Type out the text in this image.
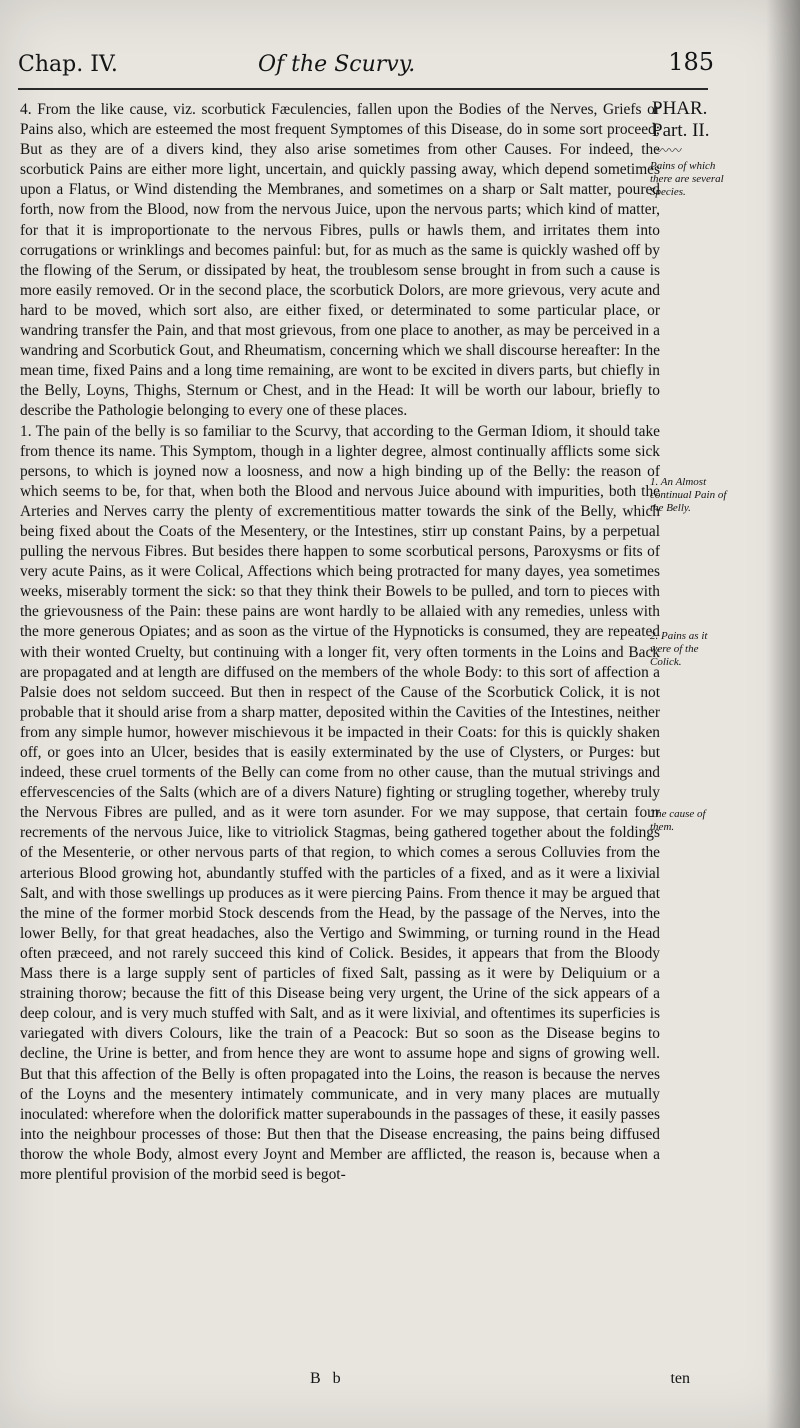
Chap. IV.	Of the Scurvy.	185
PHAR.
Part. II.
〰〰
Pains of which there are several Species.
1. An Almost continual Pain of the Belly.
2. Pains as it were of the Colick.
The cause of them.

4. From the like cause, viz. scorbutick Fæculencies, fallen upon the Bodies of the Nerves, Griefs or Pains also, which are esteemed the most frequent Symptomes of this Disease, do in some sort proceed; But as they are of a divers kind, they also arise sometimes from other Causes. For indeed, the scorbutick Pains are either more light, uncertain, and quickly passing away, which depend sometimes upon a Flatus, or Wind distending the Membranes, and sometimes on a sharp or Salt matter, poured forth, now from the Blood, now from the nervous Juice, upon the nervous parts; which kind of matter, for that it is improportionate to the nervous Fibres, pulls or hawls them, and irritates them into corrugations or wrinklings and becomes painful: but, for as much as the same is quickly washed off by the flowing of the Serum, or dissipated by heat, the troublesom sense brought in from such a cause is more easily removed. Or in the second place, the scorbutick Dolors, are more grievous, very acute and hard to be moved, which sort also, are either fixed, or determinated to some particular place, or wandring transfer the Pain, and that most grievous, from one place to another, as may be perceived in a wandring and Scorbutick Gout, and Rheumatism, concerning which we shall discourse hereafter: In the mean time, fixed Pains and a long time remaining, are wont to be excited in divers parts, but chiefly in the Belly, Loyns, Thighs, Sternum or Chest, and in the Head: It will be worth our labour, briefly to describe the Pathologie belonging to every one of these places.

1. The pain of the belly is so familiar to the Scurvy, that according to the German Idiom, it should take from thence its name. This Symptom, though in a lighter degree, almost continually afflicts some sick persons, to which is joyned now a loosness, and now a high binding up of the Belly: the reason of which seems to be, for that, when both the Blood and nervous Juice abound with impurities, both the Arteries and Nerves carry the plenty of excrementitious matter towards the sink of the Belly, which being fixed about the Coats of the Mesentery, or the Intestines, stirr up constant Pains, by a perpetual pulling the nervous Fibres. But besides there happen to some scorbutical persons, Paroxysms or fits of very acute Pains, as it were Colical, Affections which being protracted for many dayes, yea sometimes weeks, miserably torment the sick: so that they think their Bowels to be pulled, and torn to pieces with the grievousness of the Pain: these pains are wont hardly to be allaied with any remedies, unless with the more generous Opiates; and as soon as the virtue of the Hypnoticks is consumed, they are repeated with their wonted Cruelty, but continuing with a longer fit, very often torments in the Loins and Back are propagated and at length are diffused on the members of the whole Body: to this sort of affection a Palsie does not seldom succeed. But then in respect of the Cause of the Scorbutick Colick, it is not probable that it should arise from a sharp matter, deposited within the Cavities of the Intestines, neither from any simple humor, however mischievous it be impacted in their Coats: for this is quickly shaken off, or goes into an Ulcer, besides that is easily exterminated by the use of Clysters, or Purges: but indeed, these cruel torments of the Belly can come from no other cause, than the mutual strivings and effervescencies of the Salts (which are of a divers Nature) fighting or strugling together, whereby truly the Nervous Fibres are pulled, and as it were torn asunder. For we may suppose, that certain four recrements of the nervous Juice, like to vitriolick Stagmas, being gathered together about the foldings of the Mesenterie, or other nervous parts of that region, to which comes a serous Colluvies from the arterious Blood growing hot, abundantly stuffed with the particles of a fixed, and as it were a lixivial Salt, and with those swellings up produces as it were piercing Pains. From thence it may be argued that the mine of the former morbid Stock descends from the Head, by the passage of the Nerves, into the lower Belly, for that great headaches, also the Vertigo and Swimming, or turning round in the Head often præceed, and not rarely succeed this kind of Colick. Besides, it appears that from the Bloody Mass there is a large supply sent of particles of fixed Salt, passing as it were by Deliquium or a straining thorow; because the fitt of this Disease being very urgent, the Urine of the sick appears of a deep colour, and is very much stuffed with Salt, and as it were lixivial, and oftentimes its superficies is variegated with divers Colours, like the train of a Peacock: But so soon as the Disease begins to decline, the Urine is better, and from hence they are wont to assume hope and signs of growing well. But that this affection of the Belly is often propagated into the Loins, the reason is because the nerves of the Loyns and the mesentery intimately communicate, and in very many places are mutually inoculated: wherefore when the dolorifick matter superabounds in the passages of these, it easily passes into the neighbour processes of those: But then that the Disease encreasing, the pains being diffused thorow the whole Body, almost every Joynt and Member are afflicted, the reason is, because when a more plentiful provision of the morbid seed is begot-

B b	ten
